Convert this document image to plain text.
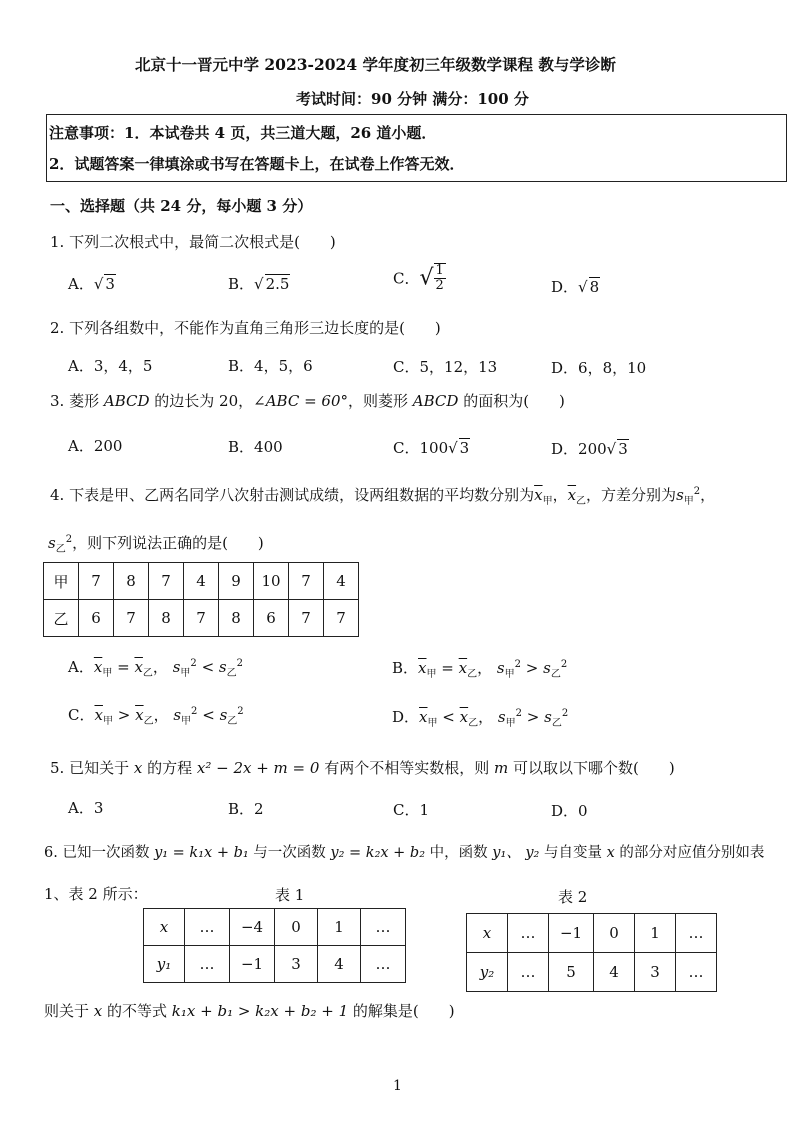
北京十一晋元中学 2023-2024 学年度初三年级数学课程 教与学诊断
考试时间：90 分钟 满分：100 分
注意事项：1．本试卷共 4 页，共三道大题，26 道小题．
2．试题答案一律填涂或书写在答题卡上，在试卷上作答无效．
一、选择题（共 24 分，每小题 3 分）
1. 下列二次根式中，最简二次根式是(　　)
A．√ 3	B．√ 2.5	C．√ $\frac{1}{2}$	D．√ 8
2. 下列各组数中，不能作为直角三角形三边长度的是(　　)
A．3，4，5	B．4，5，6	C．5，12，13	D．6，8，10
3. 菱形 ABCD 的边长为 20，∠ABC = 60°，则菱形 ABCD 的面积为(　　)
A．200	B．400	C．100√ 3	D．200√ 3
4. 下表是甲、乙两名同学八次射击测试成绩，设两组数据的平均数分别为$\overline{x}_甲$，$\overline{x}_乙$，方差分别为$s_甲^2$，
$s_乙^2$，则下列说法正确的是(　　)
甲	7	8	7	4	9	10	7	4
乙	6	7	8	7	8	6	7	7
A．$\overline{x}_甲 = \overline{x}_乙$， $s_甲^2 < s_乙^2$	B．$\overline{x}_甲 = \overline{x}_乙$， $s_甲^2 > s_乙^2$
C．$\overline{x}_甲 > \overline{x}_乙$， $s_甲^2 < s_乙^2$	D．$\overline{x}_甲 < \overline{x}_乙$， $s_甲^2 > s_乙^2$
5. 已知关于 x 的方程 x² − 2x + m = 0 有两个不相等实数根，则 m 可以取以下哪个数(　　)
A．3	B．2	C．1	D．0
6. 已知一次函数 y₁ = k₁x + b₁ 与一次函数 y₂ = k₂x + b₂ 中，函数 y₁、 y₂ 与自变量 x 的部分对应值分别如表
1、表 2 所示：	表 1	表 2
x	…	−4	0	1	…
y₁	…	−1	3	4	…
x	…	−1	0	1	…
y₂	…	5	4	3	…
则关于 x 的不等式 k₁x + b₁ > k₂x + b₂ + 1 的解集是(　　)
1
